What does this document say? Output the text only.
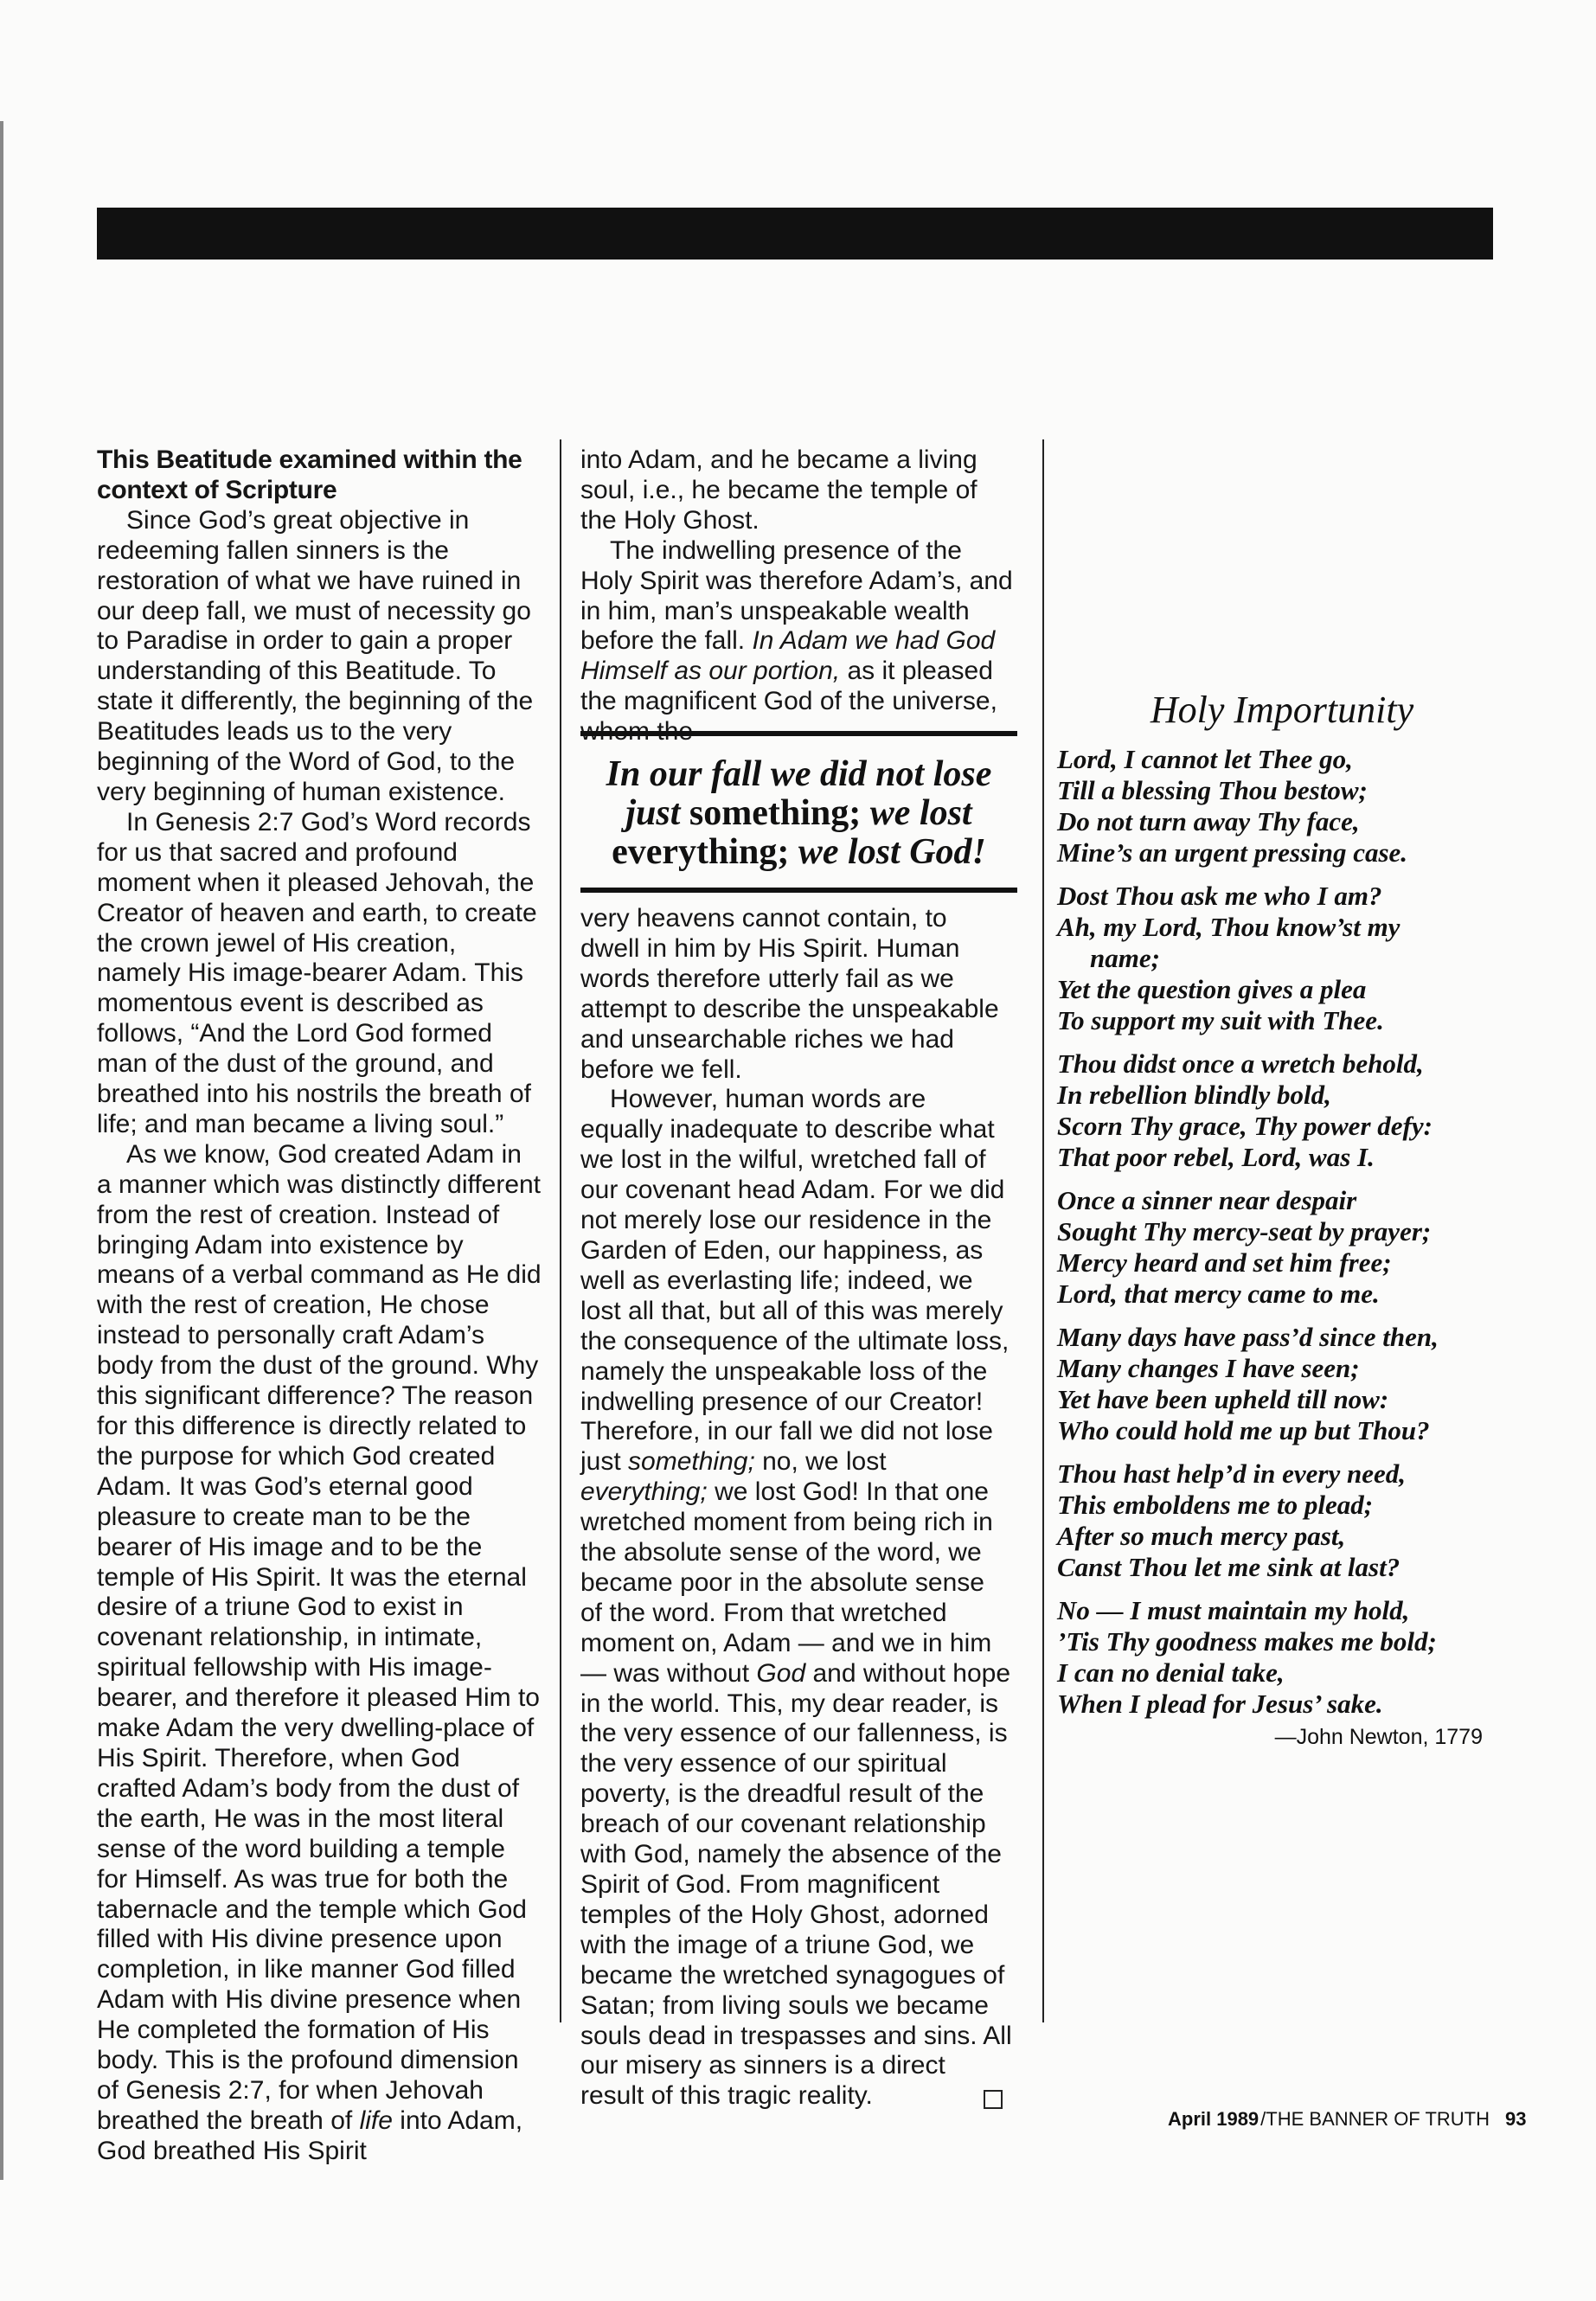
This Beatitude examined within the context of Scripture

Since God’s great objective in redeeming fallen sinners is the restoration of what we have ruined in our deep fall, we must of necessity go to Paradise in order to gain a proper understanding of this Beatitude. To state it differently, the beginning of the Beatitudes leads us to the very beginning of the Word of God, to the very beginning of human existence.

In Genesis 2:7 God’s Word records for us that sacred and profound moment when it pleased Jehovah, the Creator of heaven and earth, to create the crown jewel of His creation, namely His image-bearer Adam. This momentous event is described as follows, “And the Lord God formed man of the dust of the ground, and breathed into his nostrils the breath of life; and man became a living soul.”

As we know, God created Adam in a manner which was distinctly different from the rest of creation. Instead of bringing Adam into existence by means of a verbal command as He did with the rest of creation, He chose instead to personally craft Adam’s body from the dust of the ground. Why this significant difference? The reason for this difference is directly related to the purpose for which God created Adam. It was God’s eternal good pleasure to create man to be the bearer of His image and to be the temple of His Spirit. It was the eternal desire of a triune God to exist in covenant relationship, in intimate, spiritual fellowship with His image-bearer, and therefore it pleased Him to make Adam the very dwelling-place of His Spirit. Therefore, when God crafted Adam’s body from the dust of the earth, He was in the most literal sense of the word building a temple for Himself. As was true for both the tabernacle and the temple which God filled with His divine presence upon completion, in like manner God filled Adam with His divine presence when He completed the formation of His body. This is the profound dimension of Genesis 2:7, for when Jehovah breathed the breath of life into Adam, God breathed His Spirit

into Adam, and he became a living soul, i.e., he became the temple of the Holy Ghost.

The indwelling presence of the Holy Spirit was therefore Adam’s, and in him, man’s unspeakable wealth before the fall. In Adam we had God Himself as our portion, as it pleased the magnificent God of the universe,

In our fall we did not lose just something; we lost
everything; we lost God!

very heavens cannot contain, to dwell in him by His Spirit. Human words therefore utterly fail as we attempt to describe the unspeakable and unsearchable riches we had before we fell.

However, human words are equally inadequate to describe what we lost in the wilful, wretched fall of our covenant head Adam. For we did not merely lose our residence in the Garden of Eden, our happiness, as well as everlasting life; indeed, we lost all that, but all of this was merely the consequence of the ultimate loss, namely the unspeakable loss of the indwelling presence of our Creator! Therefore, in our fall we did not lose just something; no, we lost everything; we lost God! In that one wretched moment from being rich in the absolute sense of the word, we became poor in the absolute sense of the word. From that wretched moment on, Adam — and we in him — was without God and without hope in the world. This, my dear reader, is the very essence of our fallenness, is the very essence of our spiritual poverty, is the dreadful result of the breach of our covenant relationship with God, namely the absence of the Spirit of God. From magnificent temples of the Holy Ghost, adorned with the image of a triune God, we became the wretched synagogues of Satan; from living souls we became souls dead in trespasses and sins. All our misery as sinners is a direct result of this tragic reality.

Holy Importunity
Lord, I cannot let Thee go,
Till a blessing Thou bestow;
Do not turn away Thy face,
Mine’s an urgent pressing case.
Dost Thou ask me who I am?
Ah, my Lord, Thou know’st my
name;
Yet the question gives a plea
To support my suit with Thee.
Thou didst once a wretch behold,
In rebellion blindly bold,
Scorn Thy grace, Thy power defy:
That poor rebel, Lord, was I.
Once a sinner near despair
Sought Thy mercy-seat by prayer;
Mercy heard and set him free;
Lord, that mercy came to me.
Many days have pass’d since then,
Many changes I have seen;
Yet have been upheld till now:
Who could hold me up but Thou?
Thou hast help’d in every need,
This emboldens me to plead;
After so much mercy past,
Canst Thou let me sink at last?
No — I must maintain my hold,
’Tis Thy goodness makes me bold;
I can no denial take,
When I plead for Jesus’ sake.
—John Newton, 1779
April 1989/THE BANNER OF TRUTH 93
